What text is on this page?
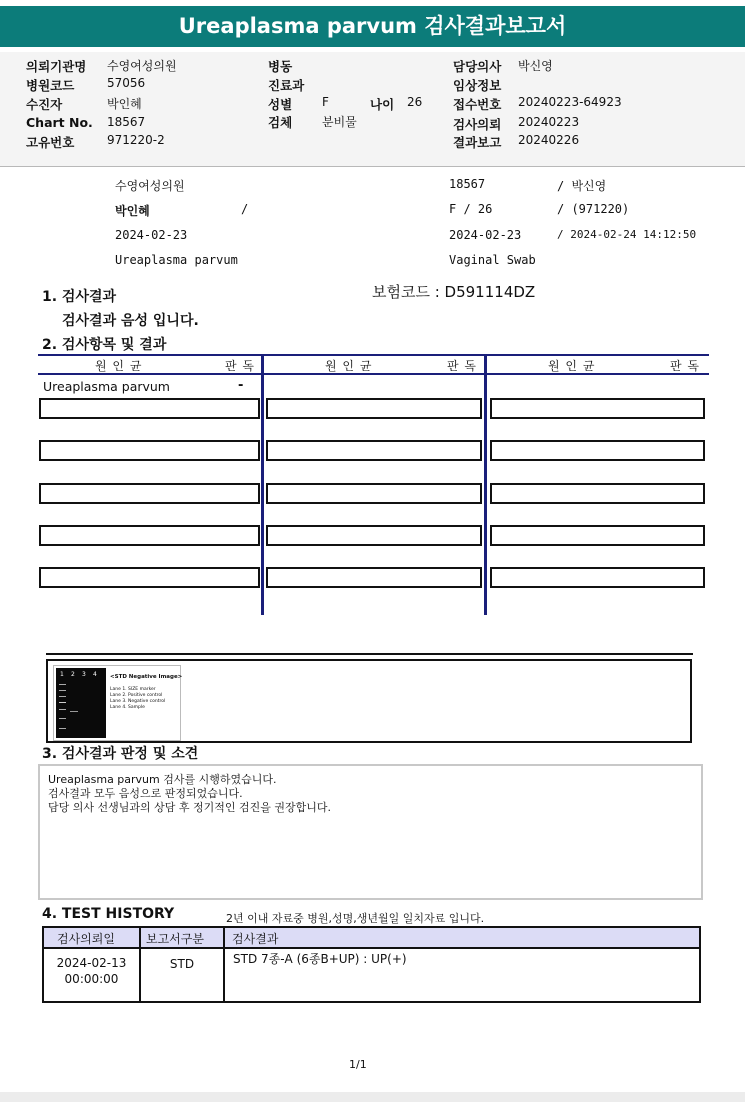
Ureaplasma parvum 검사결과보고서
의뢰기관명 수영여성의원
병원코드	57056
수진자	박인혜
Chart No. 18567
고유번호	971220-2
병동
진료과
성별 F	나이 26
검체 분비물
담당의사 박신영
임상정보
접수번호 20240223-64923
검사의뢰 20240223
결과보고 20240226
수영여성의원	18567	/ 박신영
박인혜	/	F / 26	/ (971220)
2024-02-23	2024-02-23	/ 2024-02-24 14:12:50
Ureaplasma parvum	Vaginal Swab
1. 검사결과	보험코드 : D591114DZ
검사결과 음성 입니다.
2. 검사항목 및 결과
원 인 균	판 독	원 인 균	판 독	원 인 균	판 독
Ureaplasma parvum	-
1 2 3 4 <STD Negative Image>
Lane 1. SIZE marker
Lane 2. Positive control
Lane 3. Negative control
Lane 4. Sample
3. 검사결과 판정 및 소견
Ureaplasma parvum 검사를 시행하였습니다.
검사결과 모두 음성으로 판정되었습니다.
담당 의사 선생님과의 상담 후 정기적인 검진을 권장합니다.
4. TEST HISTORY	2년 이내 자료중 병원,성명,생년월일 일치자료 입니다.
검사의뢰일	보고서구분 검사결과
2024-02-13
00:00:00
STD	STD 7종-A (6종B+UP) : UP(+)
1/1
